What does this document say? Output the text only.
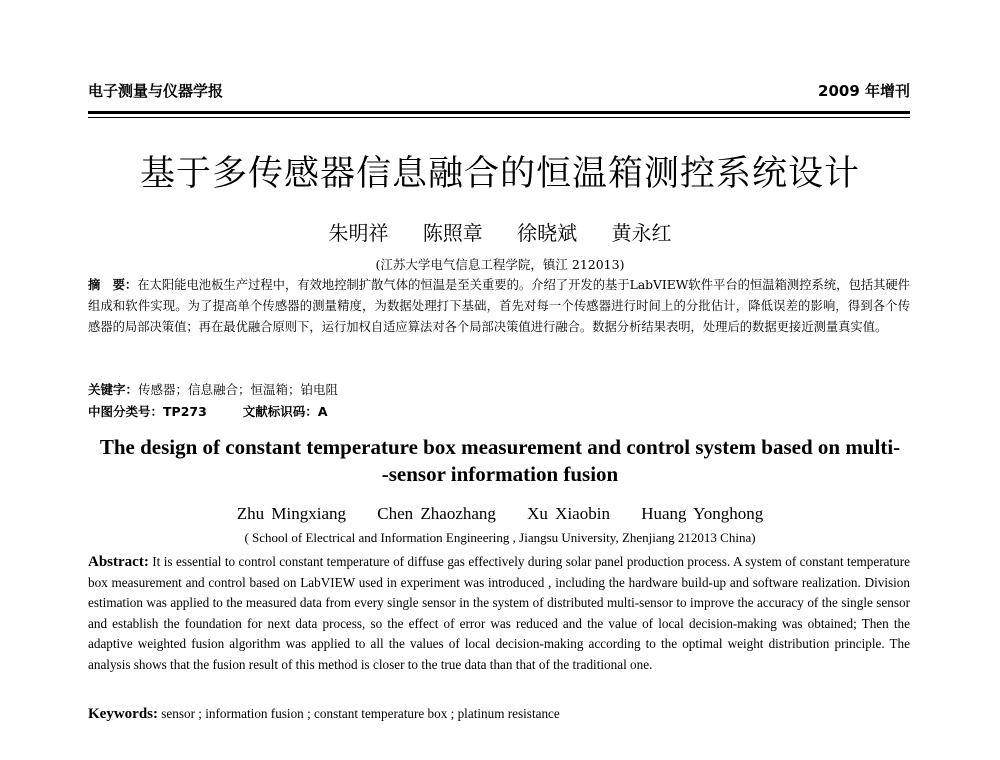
电子测量与仪器学报	2009 年增刊
基于多传感器信息融合的恒温箱测控系统设计
朱明祥 陈照章 徐晓斌 黄永红
(江苏大学电气信息工程学院，镇江 212013)
摘　要：在太阳能电池板生产过程中，有效地控制扩散气体的恒温是至关重要的。介绍了开发的基于LabVIEW软件平台的恒温箱测控系统，包括其硬件组成和软件实现。为了提高单个传感器的测量精度，为数据处理打下基础，首先对每一个传感器进行时间上的分批估计，降低误差的影响，得到各个传感器的局部决策值；再在最优融合原则下，运行加权自适应算法对各个局部决策值进行融合。数据分析结果表明，处理后的数据更接近测量真实值。
关键字：传感器；信息融合；恒温箱；铂电阻
中图分类号：TP273	文献标识码：A
The design of constant temperature box measurement and control system based on multi-
-sensor information fusion
Zhu Mingxiang Chen Zhaozhang Xu Xiaobin Huang Yonghong
( School of Electrical and Information Engineering , Jiangsu University, Zhenjiang 212013 China)
Abstract: It is essential to control constant temperature of diffuse gas effectively during solar panel production process. A system of constant temperature box measurement and control based on LabVIEW used in experiment was introduced , including the hardware build-up and software realization. Division estimation was applied to the measured data from every single sensor in the system of distributed multi-sensor to improve the accuracy of the single sensor and establish the foundation for next data process, so the effect of error was reduced and the value of local decision-making was obtained; Then the adaptive weighted fusion algorithm was applied to all the values of local decision-making according to the optimal weight distribution principle. The analysis shows that the fusion result of this method is closer to the true data than that of the traditional one.
Keywords: sensor ; information fusion ; constant temperature box ; platinum resistance
